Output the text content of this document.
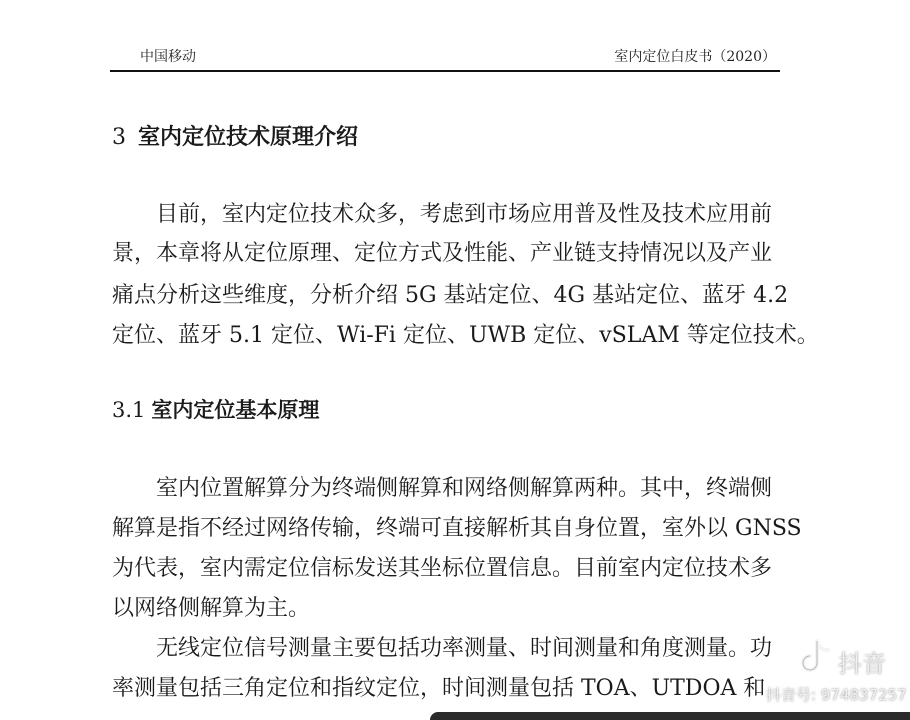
中国移动	室内定位白皮书（2020）
3 室内定位技术原理介绍
目前，室内定位技术众多，考虑到市场应用普及性及技术应用前
景，本章将从定位原理、定位方式及性能、产业链支持情况以及产业
痛点分析这些维度，分析介绍 5G 基站定位、4G 基站定位、蓝牙 4.2
定位、蓝牙 5.1 定位、Wi-Fi 定位、UWB 定位、vSLAM 等定位技术。
3.1 室内定位基本原理
室内位置解算分为终端侧解算和网络侧解算两种。其中，终端侧
解算是指不经过网络传输，终端可直接解析其自身位置，室外以 GNSS
为代表，室内需定位信标发送其坐标位置信息。目前室内定位技术多
以网络侧解算为主。
无线定位信号测量主要包括功率测量、时间测量和角度测量。功
率测量包括三角定位和指纹定位，时间测量包括 TOA、UTDOA 和
抖音
抖音号: 974837257
